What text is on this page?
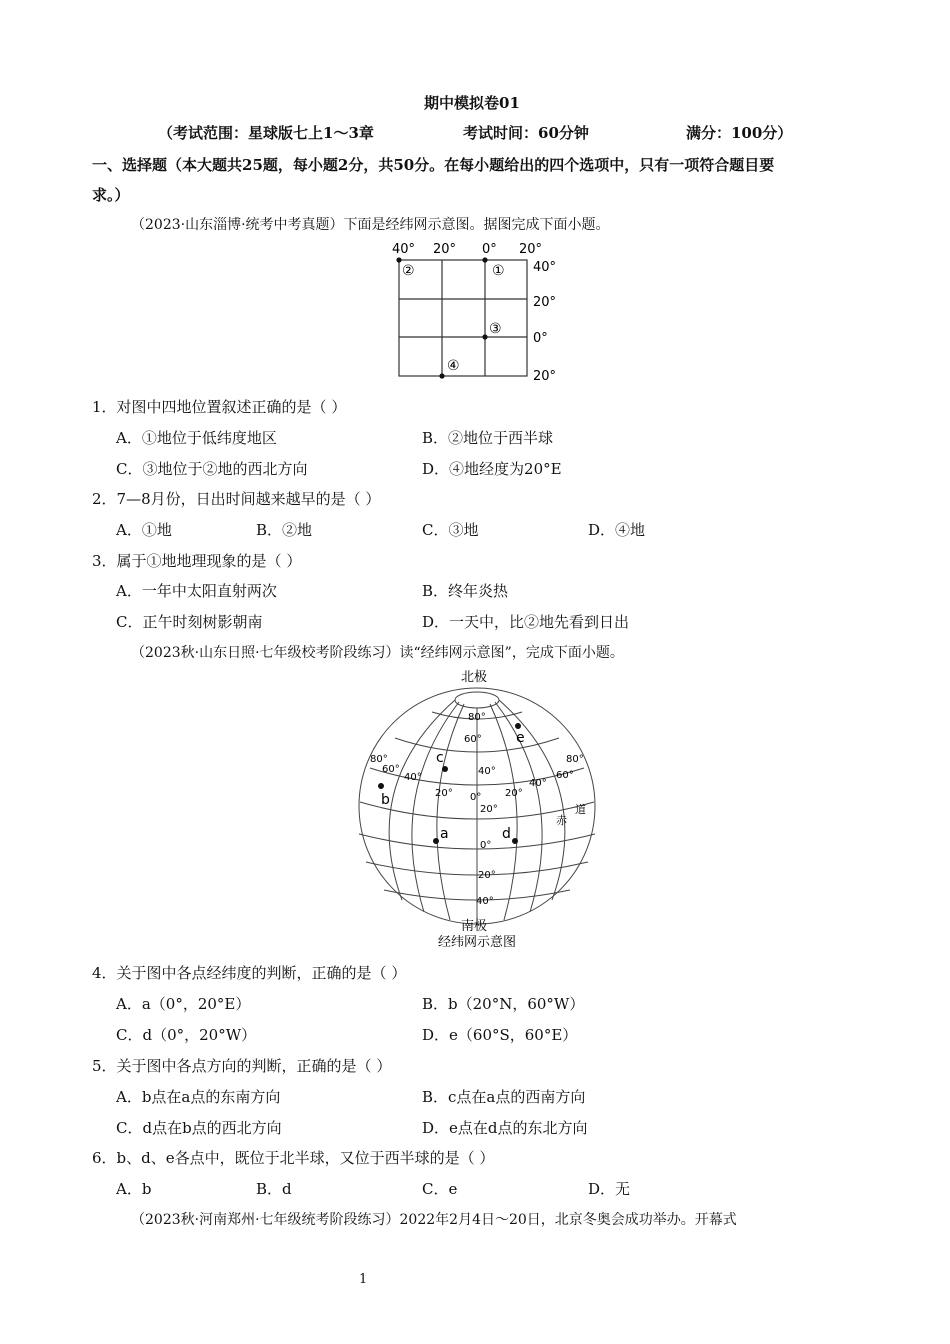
期中模拟卷01
（考试范围：星球版七上1～3章	考试时间：60分钟	满分：100分）
一、选择题（本大题共25题，每小题2分，共50分。在每小题给出的四个选项中，只有一项符合题目要
求。）
（2023·山东淄博·统考中考真题）下面是经纬网示意图。据图完成下面小题。
40° 20° 0° 20°
40°
20°
0°
20°
②	①
③
④
1．对图中四地位置叙述正确的是（ ）
A．①地位于低纬度地区	B．②地位于西半球
C．③地位于②地的西北方向	D．④地经度为20°E
2．7—8月份，日出时间越来越早的是（ ）
A．①地	B．②地	C．③地	D．④地
3．属于①地地理现象的是（ ）
A．一年中太阳直射两次	B．终年炎热
C．正午时刻树影朝南	D．一天中，比②地先看到日出
（2023秋·山东日照·七年级校考阶段练习）读“经纬网示意图”，完成下面小题。
北极
80°
60°
40°
20°
0°
20°
40°
80°
60°
40°
20° 0° 20°
40°
60°
80°
赤
道
a
b
c
d
e
南极
经纬网示意图
4．关于图中各点经纬度的判断，正确的是（ ）
A．a（0°，20°E）	B．b（20°N，60°W）
C．d（0°，20°W）	D．e（60°S，60°E）
5．关于图中各点方向的判断，正确的是（ ）
A．b点在a点的东南方向	B．c点在a点的西南方向
C．d点在b点的西北方向	D．e点在d点的东北方向
6．b、d、e各点中，既位于北半球，又位于西半球的是（ ）
A．b	B．d	C．e	D．无
（2023秋·河南郑州·七年级统考阶段练习）2022年2月4日～20日，北京冬奥会成功举办。开幕式
1
